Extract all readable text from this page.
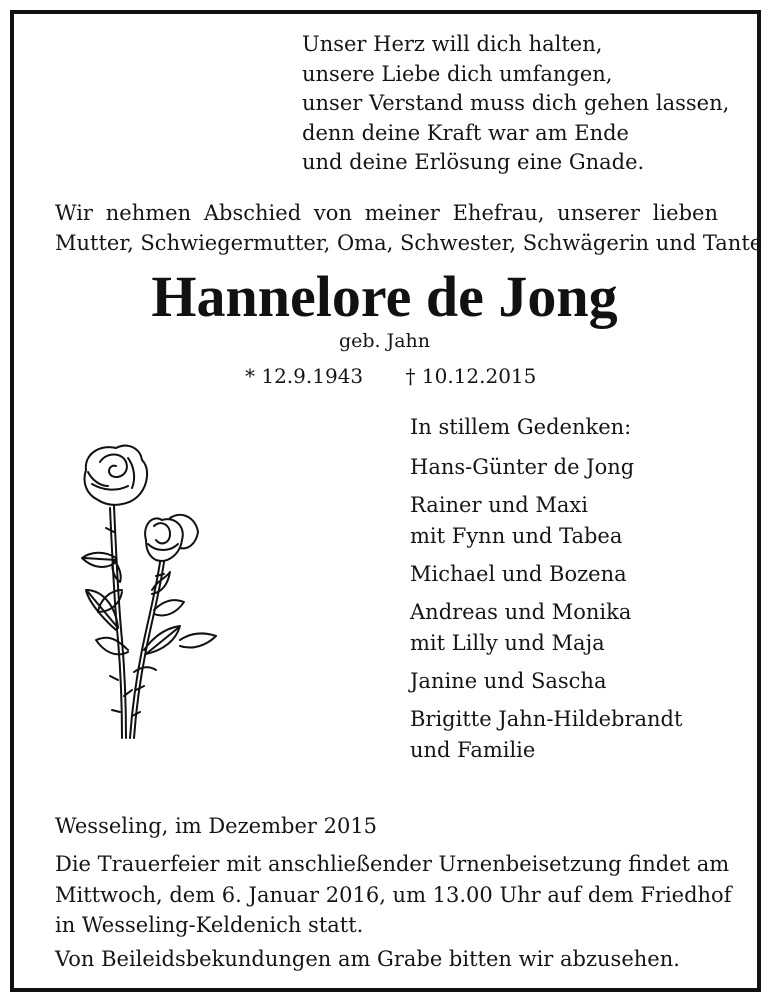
Unser Herz will dich halten,
unsere Liebe dich umfangen,
unser Verstand muss dich gehen lassen,
denn deine Kraft war am Ende
und deine Erlösung eine Gnade.
Wir nehmen Abschied von meiner Ehefrau, unserer lieben
Mutter, Schwiegermutter, Oma, Schwester, Schwägerin und Tante
Hannelore de Jong
geb. Jahn
* 12.9.1943 † 10.12.2015
In stillem Gedenken:
Hans-Günter de Jong
Rainer und Maxi
mit Fynn und Tabea
Michael und Bozena
Andreas und Monika
mit Lilly und Maja
Janine und Sascha
Brigitte Jahn-Hildebrandt
und Familie
Wesseling, im Dezember 2015
Die Trauerfeier mit anschließender Urnenbeisetzung findet am
Mittwoch, dem 6. Januar 2016, um 13.00 Uhr auf dem Friedhof
in Wesseling-Keldenich statt.
Von Beileidsbekundungen am Grabe bitten wir abzusehen.
